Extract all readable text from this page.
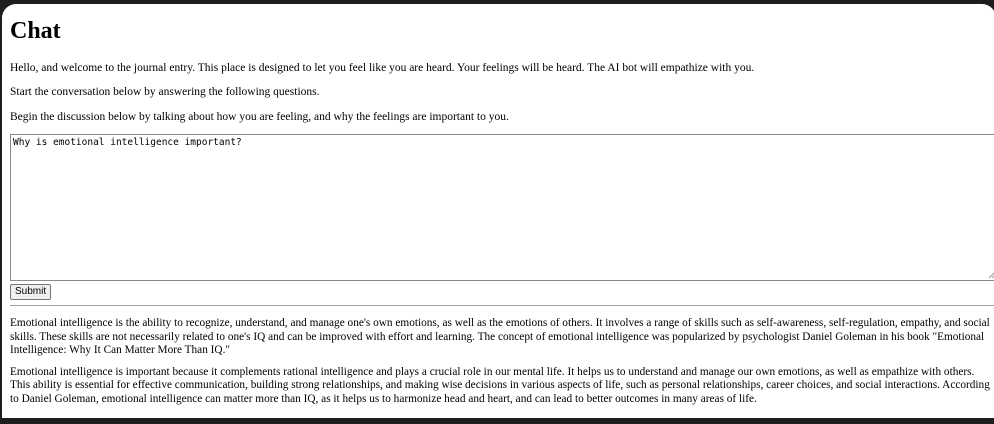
Chat

Hello, and welcome to the journal entry. This place is designed to let you feel like you are heard. Your feelings will be heard. The AI bot will empathize with you.

Start the conversation below by answering the following questions.

Begin the discussion below by talking about how you are feeling, and why the feelings are important to you.

Why is emotional intelligence important?
Submit

Emotional intelligence is the ability to recognize, understand, and manage one's own emotions, as well as the emotions of others. It involves a range of skills such as self-awareness, self-regulation, empathy, and social skills. These skills are not necessarily related to one's IQ and can be improved with effort and learning. The concept of emotional intelligence was popularized by psychologist Daniel Goleman in his book "Emotional Intelligence: Why It Can Matter More Than IQ."

Emotional intelligence is important because it complements rational intelligence and plays a crucial role in our mental life. It helps us to understand and manage our own emotions, as well as empathize with others. This ability is essential for effective communication, building strong relationships, and making wise decisions in various aspects of life, such as personal relationships, career choices, and social interactions. According to Daniel Goleman, emotional intelligence can matter more than IQ, as it helps us to harmonize head and heart, and can lead to better outcomes in many areas of life.
